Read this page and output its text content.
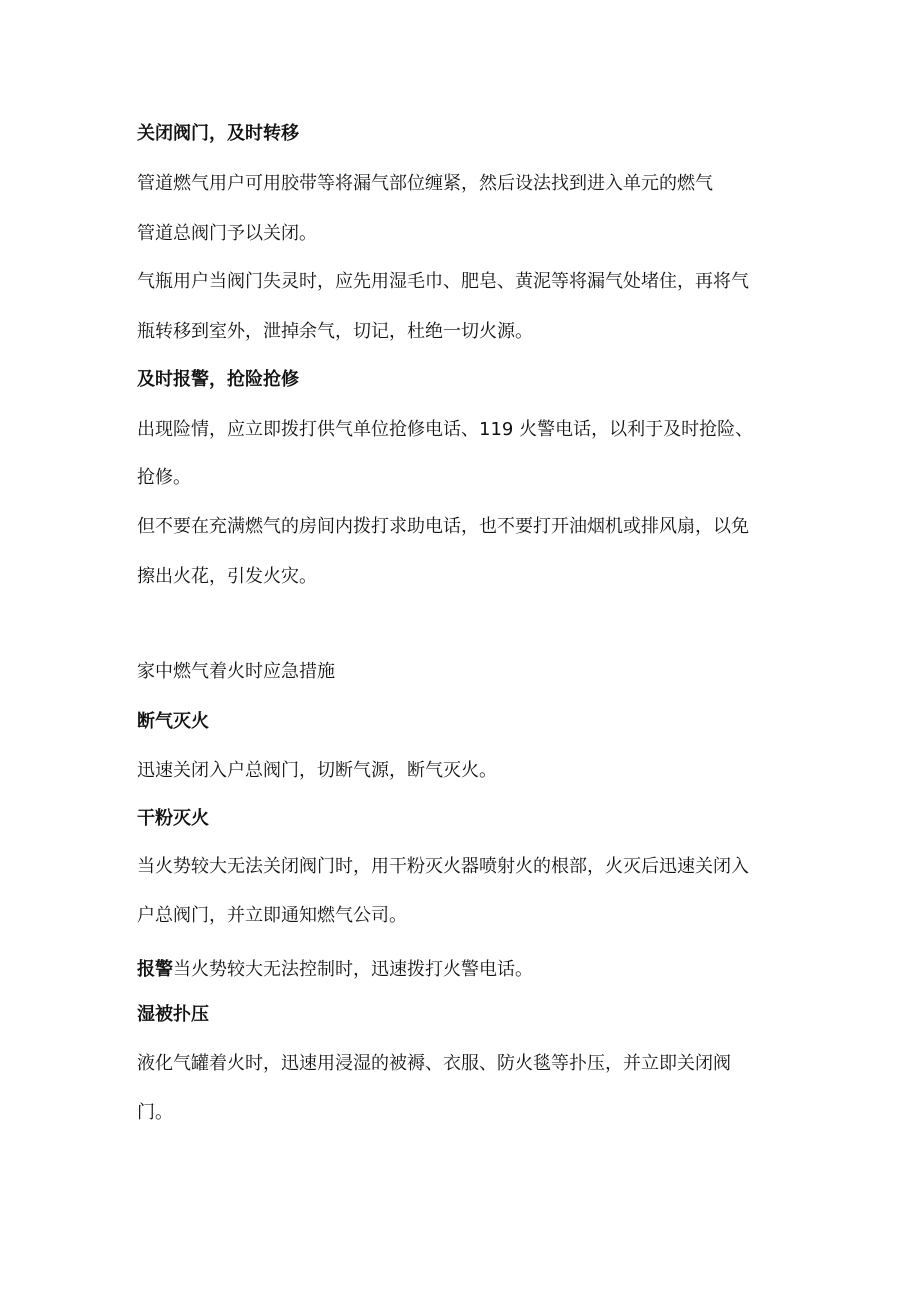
关闭阀门，及时转移

管道燃气用户可用胶带等将漏气部位缠紧，然后设法找到进入单元的燃气

管道总阀门予以关闭。

气瓶用户当阀门失灵时，应先用湿毛巾、肥皂、黄泥等将漏气处堵住，再将气

瓶转移到室外，泄掉余气，切记，杜绝一切火源。

及时报警，抢险抢修

出现险情，应立即拨打供气单位抢修电话、119 火警电话，以利于及时抢险、

抢修。

但不要在充满燃气的房间内拨打求助电话，也不要打开油烟机或排风扇，以免

擦出火花，引发火灾。

家中燃气着火时应急措施

断气灭火

迅速关闭入户总阀门，切断气源，断气灭火。

干粉灭火

当火势较大无法关闭阀门时，用干粉灭火器喷射火的根部，火灭后迅速关闭入

户总阀门，并立即通知燃气公司。

报警当火势较大无法控制时，迅速拨打火警电话。

湿被扑压

液化气罐着火时，迅速用浸湿的被褥、衣服、防火毯等扑压，并立即关闭阀

门。
